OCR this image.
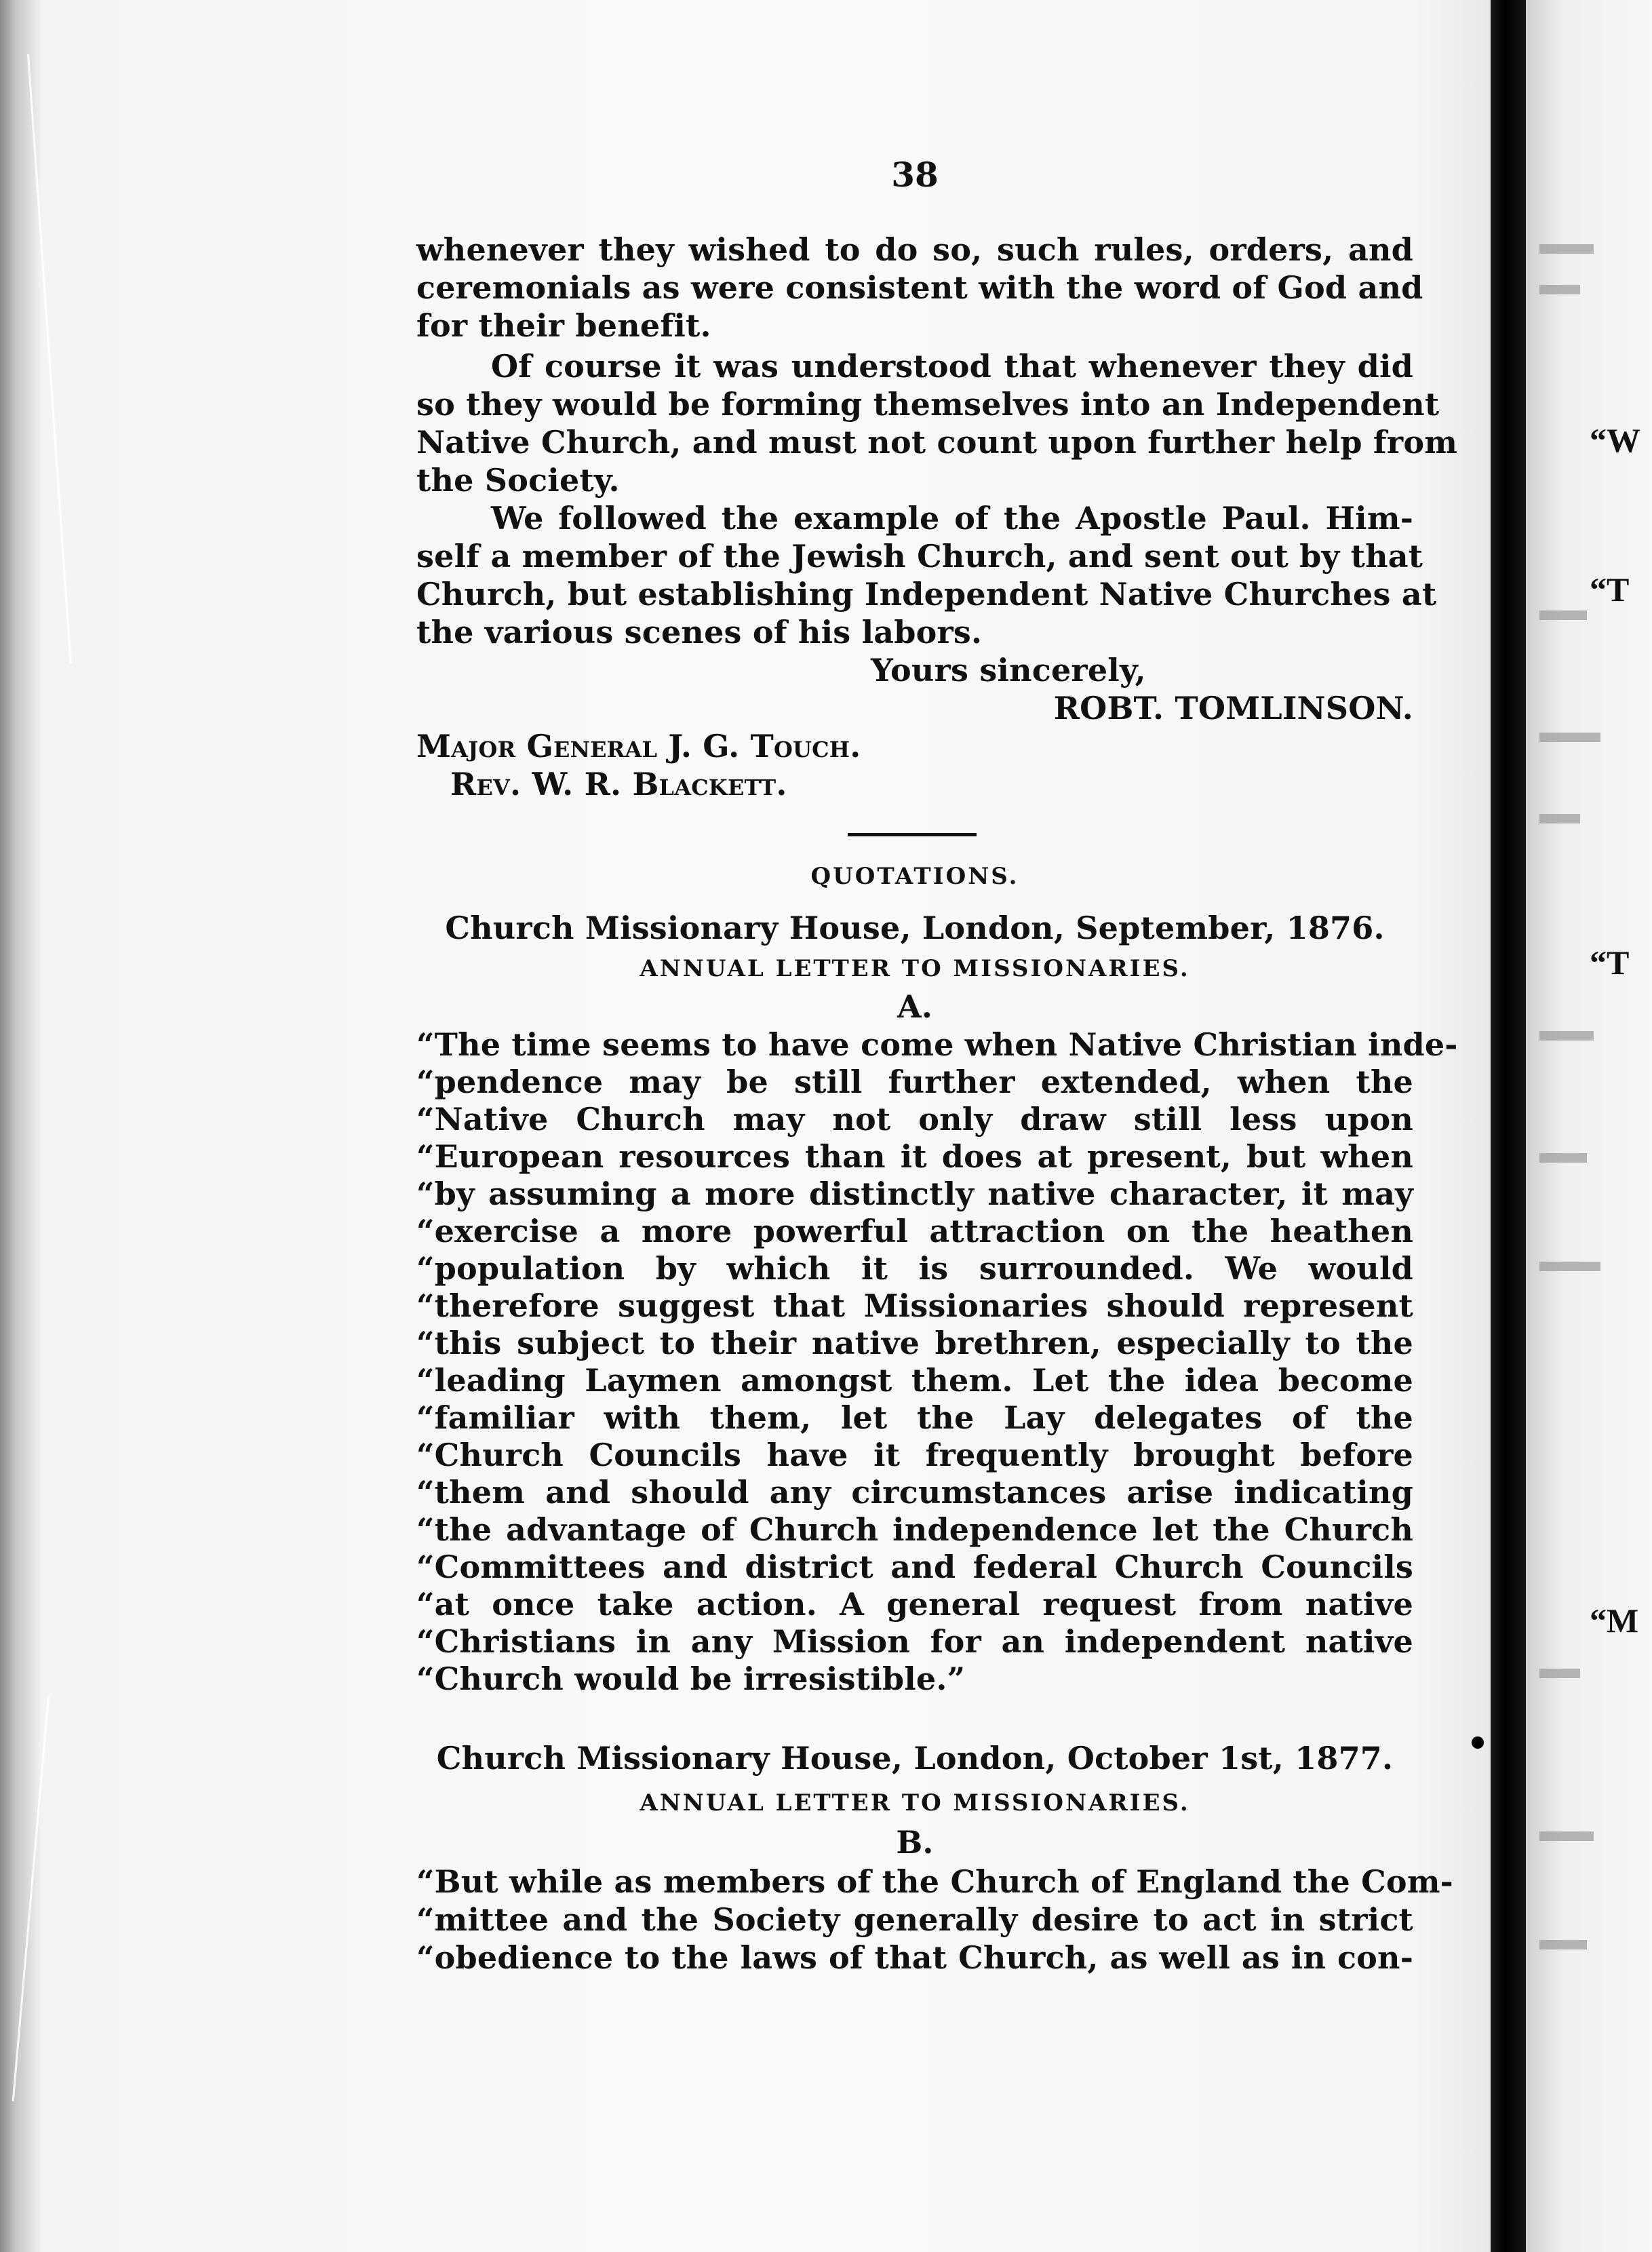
“W
“T
“T
“M
38
whenever they wished to do so, such rules, orders, and
ceremonials as were consistent with the word of God and
for their benefit.
Of course it was understood that whenever they did
so they would be forming themselves into an Independent
Native Church, and must not count upon further help from
the Society.
We followed the example of the Apostle Paul. Him-
self a member of the Jewish Church, and sent out by that
Church, but establishing Independent Native Churches at
the various scenes of his labors.
Yours sincerely,
ROBT. TOMLINSON.
Major General J. G. Touch.
Rev. W. R. Blackett.
QUOTATIONS.
Church Missionary House, London, September, 1876.
ANNUAL LETTER TO MISSIONARIES.
A.
“The time seems to have come when Native Christian inde-
“pendence may be still further extended, when the
“Native Church may not only draw still less upon
“European resources than it does at present, but when
“by assuming a more distinctly native character, it may
“exercise a more powerful attraction on the heathen
“population by which it is surrounded. We would
“therefore suggest that Missionaries should represent
“this subject to their native brethren, especially to the
“leading Laymen amongst them. Let the idea become
“familiar with them, let the Lay delegates of the
“Church Councils have it frequently brought before
“them and should any circumstances arise indicating
“the advantage of Church independence let the Church
“Committees and district and federal Church Councils
“at once take action. A general request from native
“Christians in any Mission for an independent native
“Church would be irresistible.”
Church Missionary House, London, October 1st, 1877.
ANNUAL LETTER TO MISSIONARIES.
B.
“But while as members of the Church of England the Com-
“mittee and the Society generally desire to act in strict
“obedience to the laws of that Church, as well as in con-
